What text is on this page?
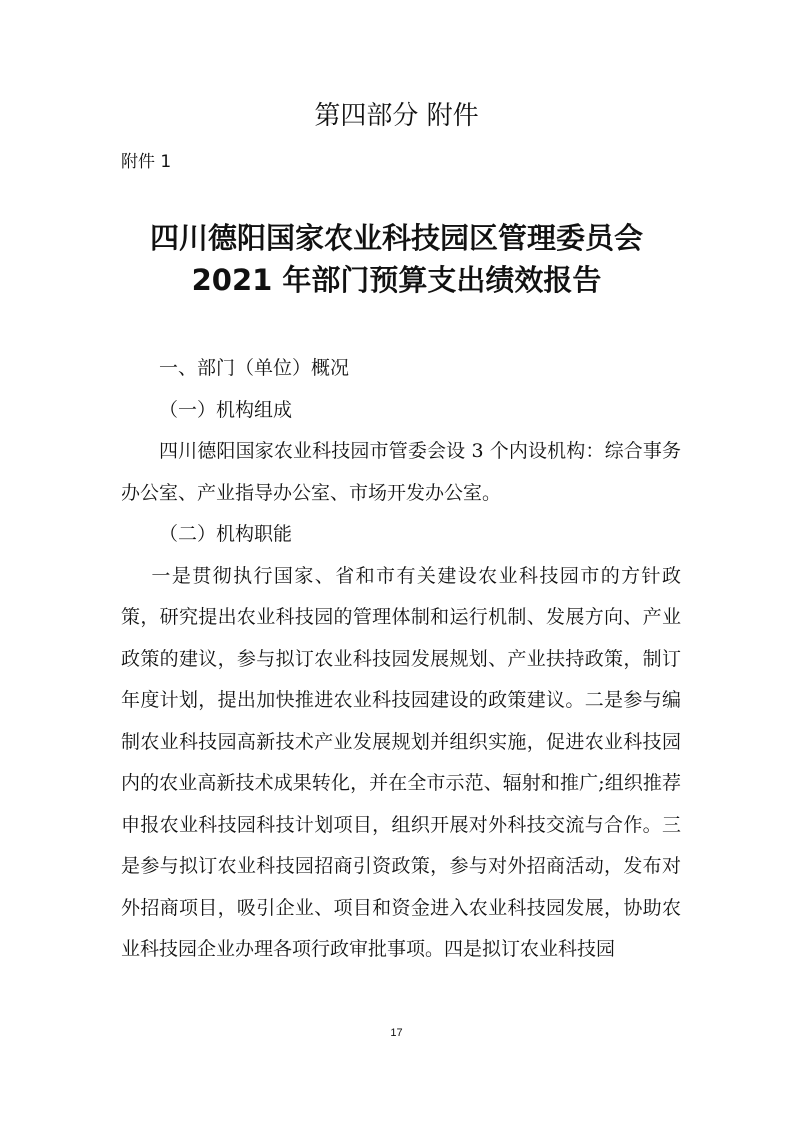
第四部分 附件
附件 1
四川德阳国家农业科技园区管理委员会
2021 年部门预算支出绩效报告

一、部门（单位）概况

（一）机构组成

四川德阳国家农业科技园市管委会设 3 个内设机构：综合事务办公室、产业指导办公室、市场开发办公室。

（二）机构职能

一是贯彻执行国家、省和市有关建设农业科技园市的方针政策，研究提出农业科技园的管理体制和运行机制、发展方向、产业政策的建议，参与拟订农业科技园发展规划、产业扶持政策，制订年度计划，提出加快推进农业科技园建设的政策建议。二是参与编制农业科技园高新技术产业发展规划并组织实施，促进农业科技园内的农业高新技术成果转化，并在全市示范、辐射和推广;组织推荐申报农业科技园科技计划项目，组织开展对外科技交流与合作。三是参与拟订农业科技园招商引资政策，参与对外招商活动，发布对外招商项目，吸引企业、项目和资金进入农业科技园发展，协助农业科技园企业办理各项行政审批事项。四是拟订农业科技园

17
